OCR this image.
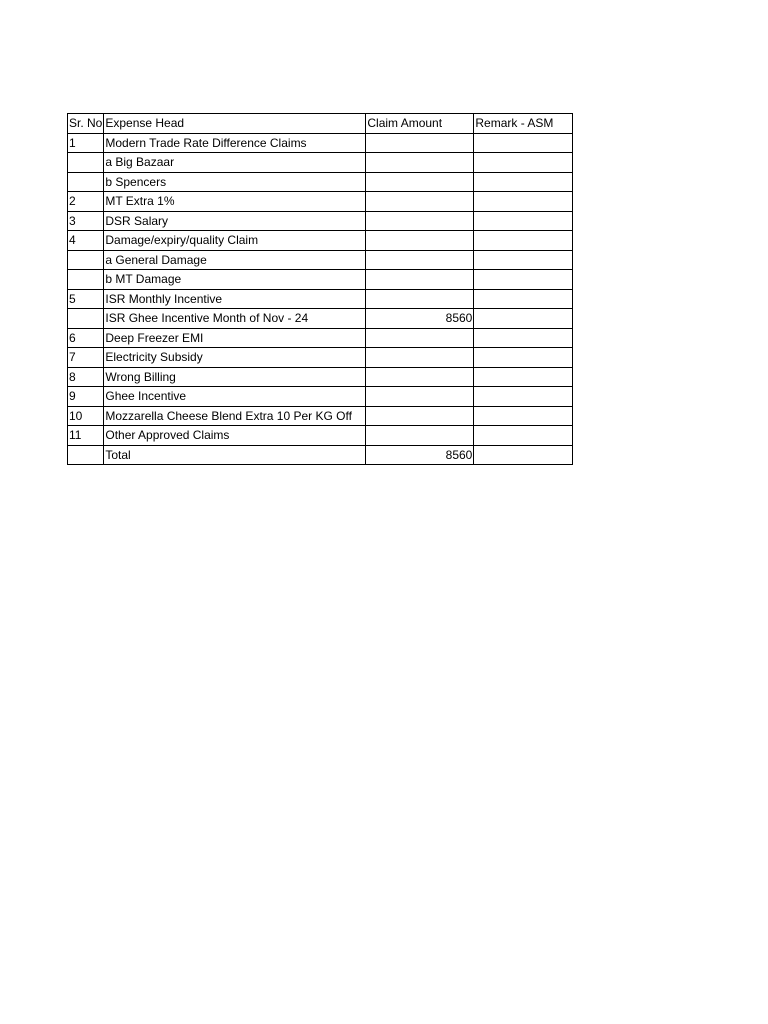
Sr. No	Expense Head	Claim Amount	Remark - ASM
1	Modern Trade Rate Difference Claims		
	a Big Bazaar		
	b Spencers		
2	MT Extra 1%		
3	DSR Salary		
4	Damage/expiry/quality Claim		
	a General Damage		
	b MT Damage		
5	ISR Monthly Incentive		
	ISR Ghee Incentive Month of Nov - 24	8560	
6	Deep Freezer EMI		
7	Electricity Subsidy		
8	Wrong Billing		
9	Ghee Incentive		
10	Mozzarella Cheese Blend Extra 10 Per KG Off		
11	Other Approved Claims		
	Total	8560	
